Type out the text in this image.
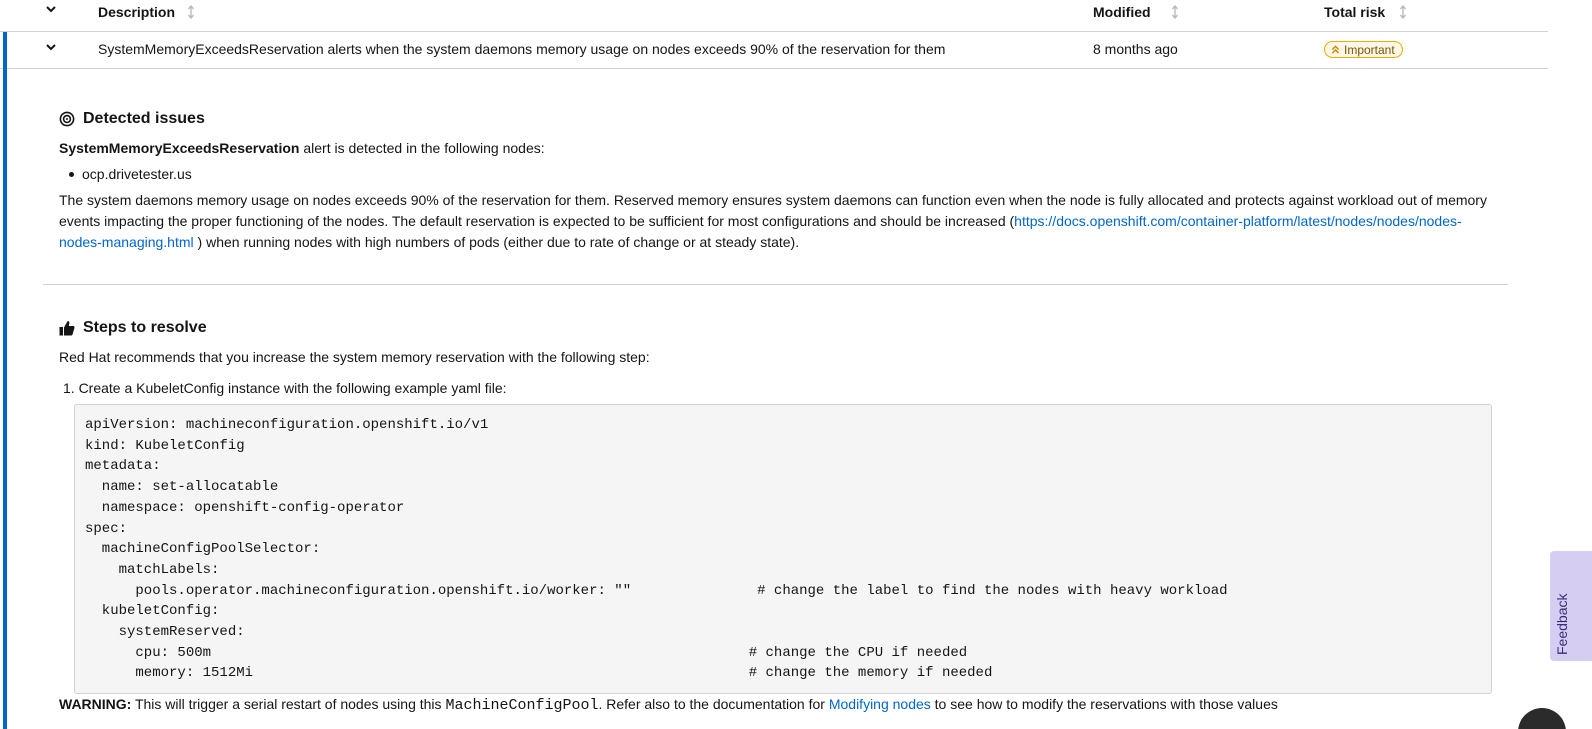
Description	Modified	Total risk
SystemMemoryExceedsReservation alerts when the system daemons memory usage on nodes exceeds 90% of the reservation for them	8 months ago	Important
Detected issues
SystemMemoryExceedsReservation alert is detected in the following nodes:
ocp.drivetester.us
The system daemons memory usage on nodes exceeds 90% of the reservation for them. Reserved memory ensures system daemons can function even when the node is fully allocated and protects against workload out of memory events impacting the proper functioning of the nodes. The default reservation is expected to be sufficient for most configurations and should be increased (https://docs.openshift.com/container-platform/latest/nodes/nodes/nodes-nodes-managing.html ) when running nodes with high numbers of pods (either due to rate of change or at steady state).
Steps to resolve
Red Hat recommends that you increase the system memory reservation with the following step:
1. Create a KubeletConfig instance with the following example yaml file:
apiVersion: machineconfiguration.openshift.io/v1
kind: KubeletConfig
metadata:
name: set-allocatable
namespace: openshift-config-operator
spec:
machineConfigPoolSelector:
matchLabels:
pools.operator.machineconfiguration.openshift.io/worker: ""               # change the label to find the nodes with heavy workload
kubeletConfig:
systemReserved:
cpu: 500m                                                                # change the CPU if needed
memory: 1512Mi                                                           # change the memory if needed
WARNING: This will trigger a serial restart of nodes using this MachineConfigPool. Refer also to the documentation for Modifying nodes to see how to modify the reservations with those values
Feedback
